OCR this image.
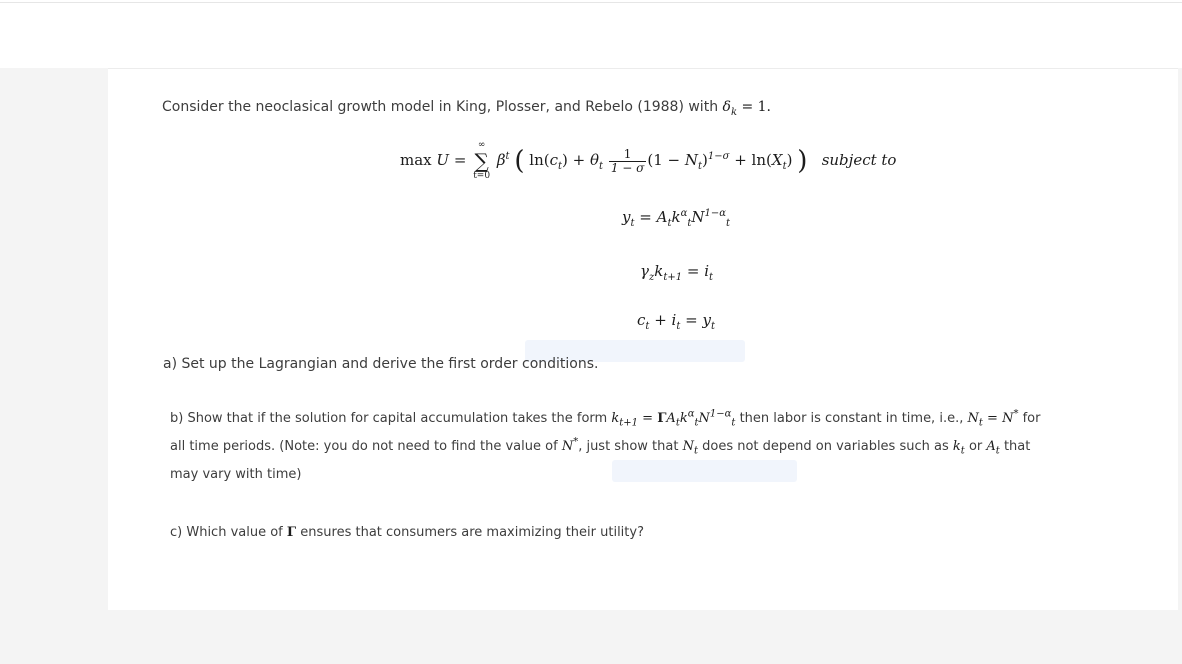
Consider the neoclasical growth model in King, Plosser, and Rebelo (1988) with $\delta_k = 1$.
max U =
∞
∑
t=0
$\beta^t$ ( $\ln(c_t) + \theta_t \frac{1}{1 - \sigma} (1 - N_t)^{1-\sigma} + \ln(X_t)$ ) subject to
$y_t = A_tk^\alpha_tN^{1-\alpha}_t$
$\gamma_zk_{t+1} = i_t$
$c_t + i_t = y_t$
a) Set up the Lagrangian and derive the first order conditions.
b) Show that if the solution for capital accumulation takes the form $k_{t+1} = \Gamma A_tk^\alpha_tN^{1-\alpha}_t$ then labor is constant in time, i.e., $N_t = N^*$ for
all time periods. (Note: you do not need to find the value of N*, just show that $N_t$ does not depend on variables such as $k_t$ or $A_t$ that
may vary with time)
c) Which value of Γ ensures that consumers are maximizing their utility?
